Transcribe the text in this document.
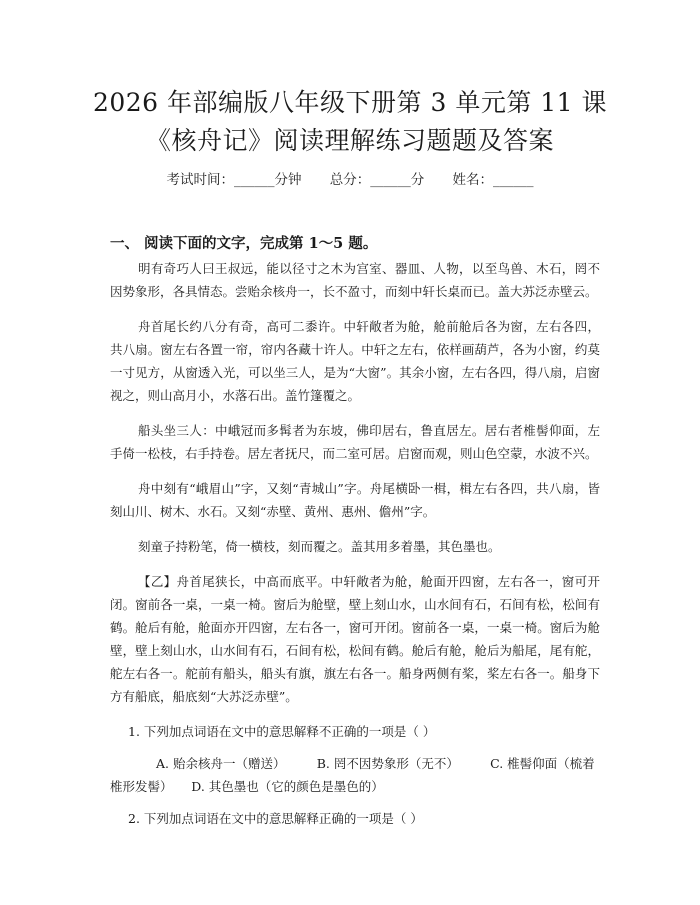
2026 年部编版八年级下册第 3 单元第 11 课
《核舟记》阅读理解练习题题及答案
考试时间：______分钟 总分：______分 姓名：______
一、 阅读下面的文字，完成第 1～5 题。

明有奇巧人曰王叔远，能以径寸之木为宫室、器皿、人物，以至鸟兽、木石，罔不因势象形，各具情态。尝贻余核舟一，长不盈寸，而刻中轩长桌而已。盖大苏泛赤壁云。

舟首尾长约八分有奇，高可二黍许。中轩敞者为舱，舱前舱后各为窗，左右各四，共八扇。窗左右各置一帘，帘内各藏十许人。中轩之左右，依样画葫芦，各为小窗，约莫一寸见方，从窗透入光，可以坐三人，是为“大窗”。其余小窗，左右各四，得八扇，启窗视之，则山高月小，水落石出。盖竹篷覆之。

船头坐三人：中峨冠而多髯者为东坡，佛印居右，鲁直居左。居右者椎髻仰面，左手倚一松枝，右手持卷。居左者抚尺，而二室可居。启窗而观，则山色空蒙，水波不兴。

舟中刻有“峨眉山”字，又刻“青城山”字。舟尾横卧一楫，楫左右各四，共八扇，皆刻山川、树木、水石。又刻“赤壁、黄州、惠州、儋州”字。

刻童子持粉笔，倚一横枝，刻而覆之。盖其用多着墨，其色墨也。

【乙】舟首尾狭长，中高而底平。中轩敞者为舱，舱面开四窗，左右各一，窗可开闭。窗前各一桌，一桌一椅。窗后为舱壁，壁上刻山水，山水间有石，石间有松，松间有鹤。舱后有舱，舱面亦开四窗，左右各一，窗可开闭。窗前各一桌，一桌一椅。窗后为舱壁，壁上刻山水，山水间有石，石间有松，松间有鹤。舱后有舱，舱后为船尾，尾有舵，舵左右各一。舵前有船头，船头有旗，旗左右各一。船身两侧有桨，桨左右各一。船身下方有船底，船底刻“大苏泛赤壁”。

1. 下列加点词语在文中的意思解释不正确的一项是（ ）

A. 贻余核舟一（赠送）　　　B. 罔不因势象形（无不）　　　C. 椎髻仰面（梳着椎形发髻）　　D. 其色墨也（它的颜色是墨色的）

2. 下列加点词语在文中的意思解释正确的一项是（ ）
